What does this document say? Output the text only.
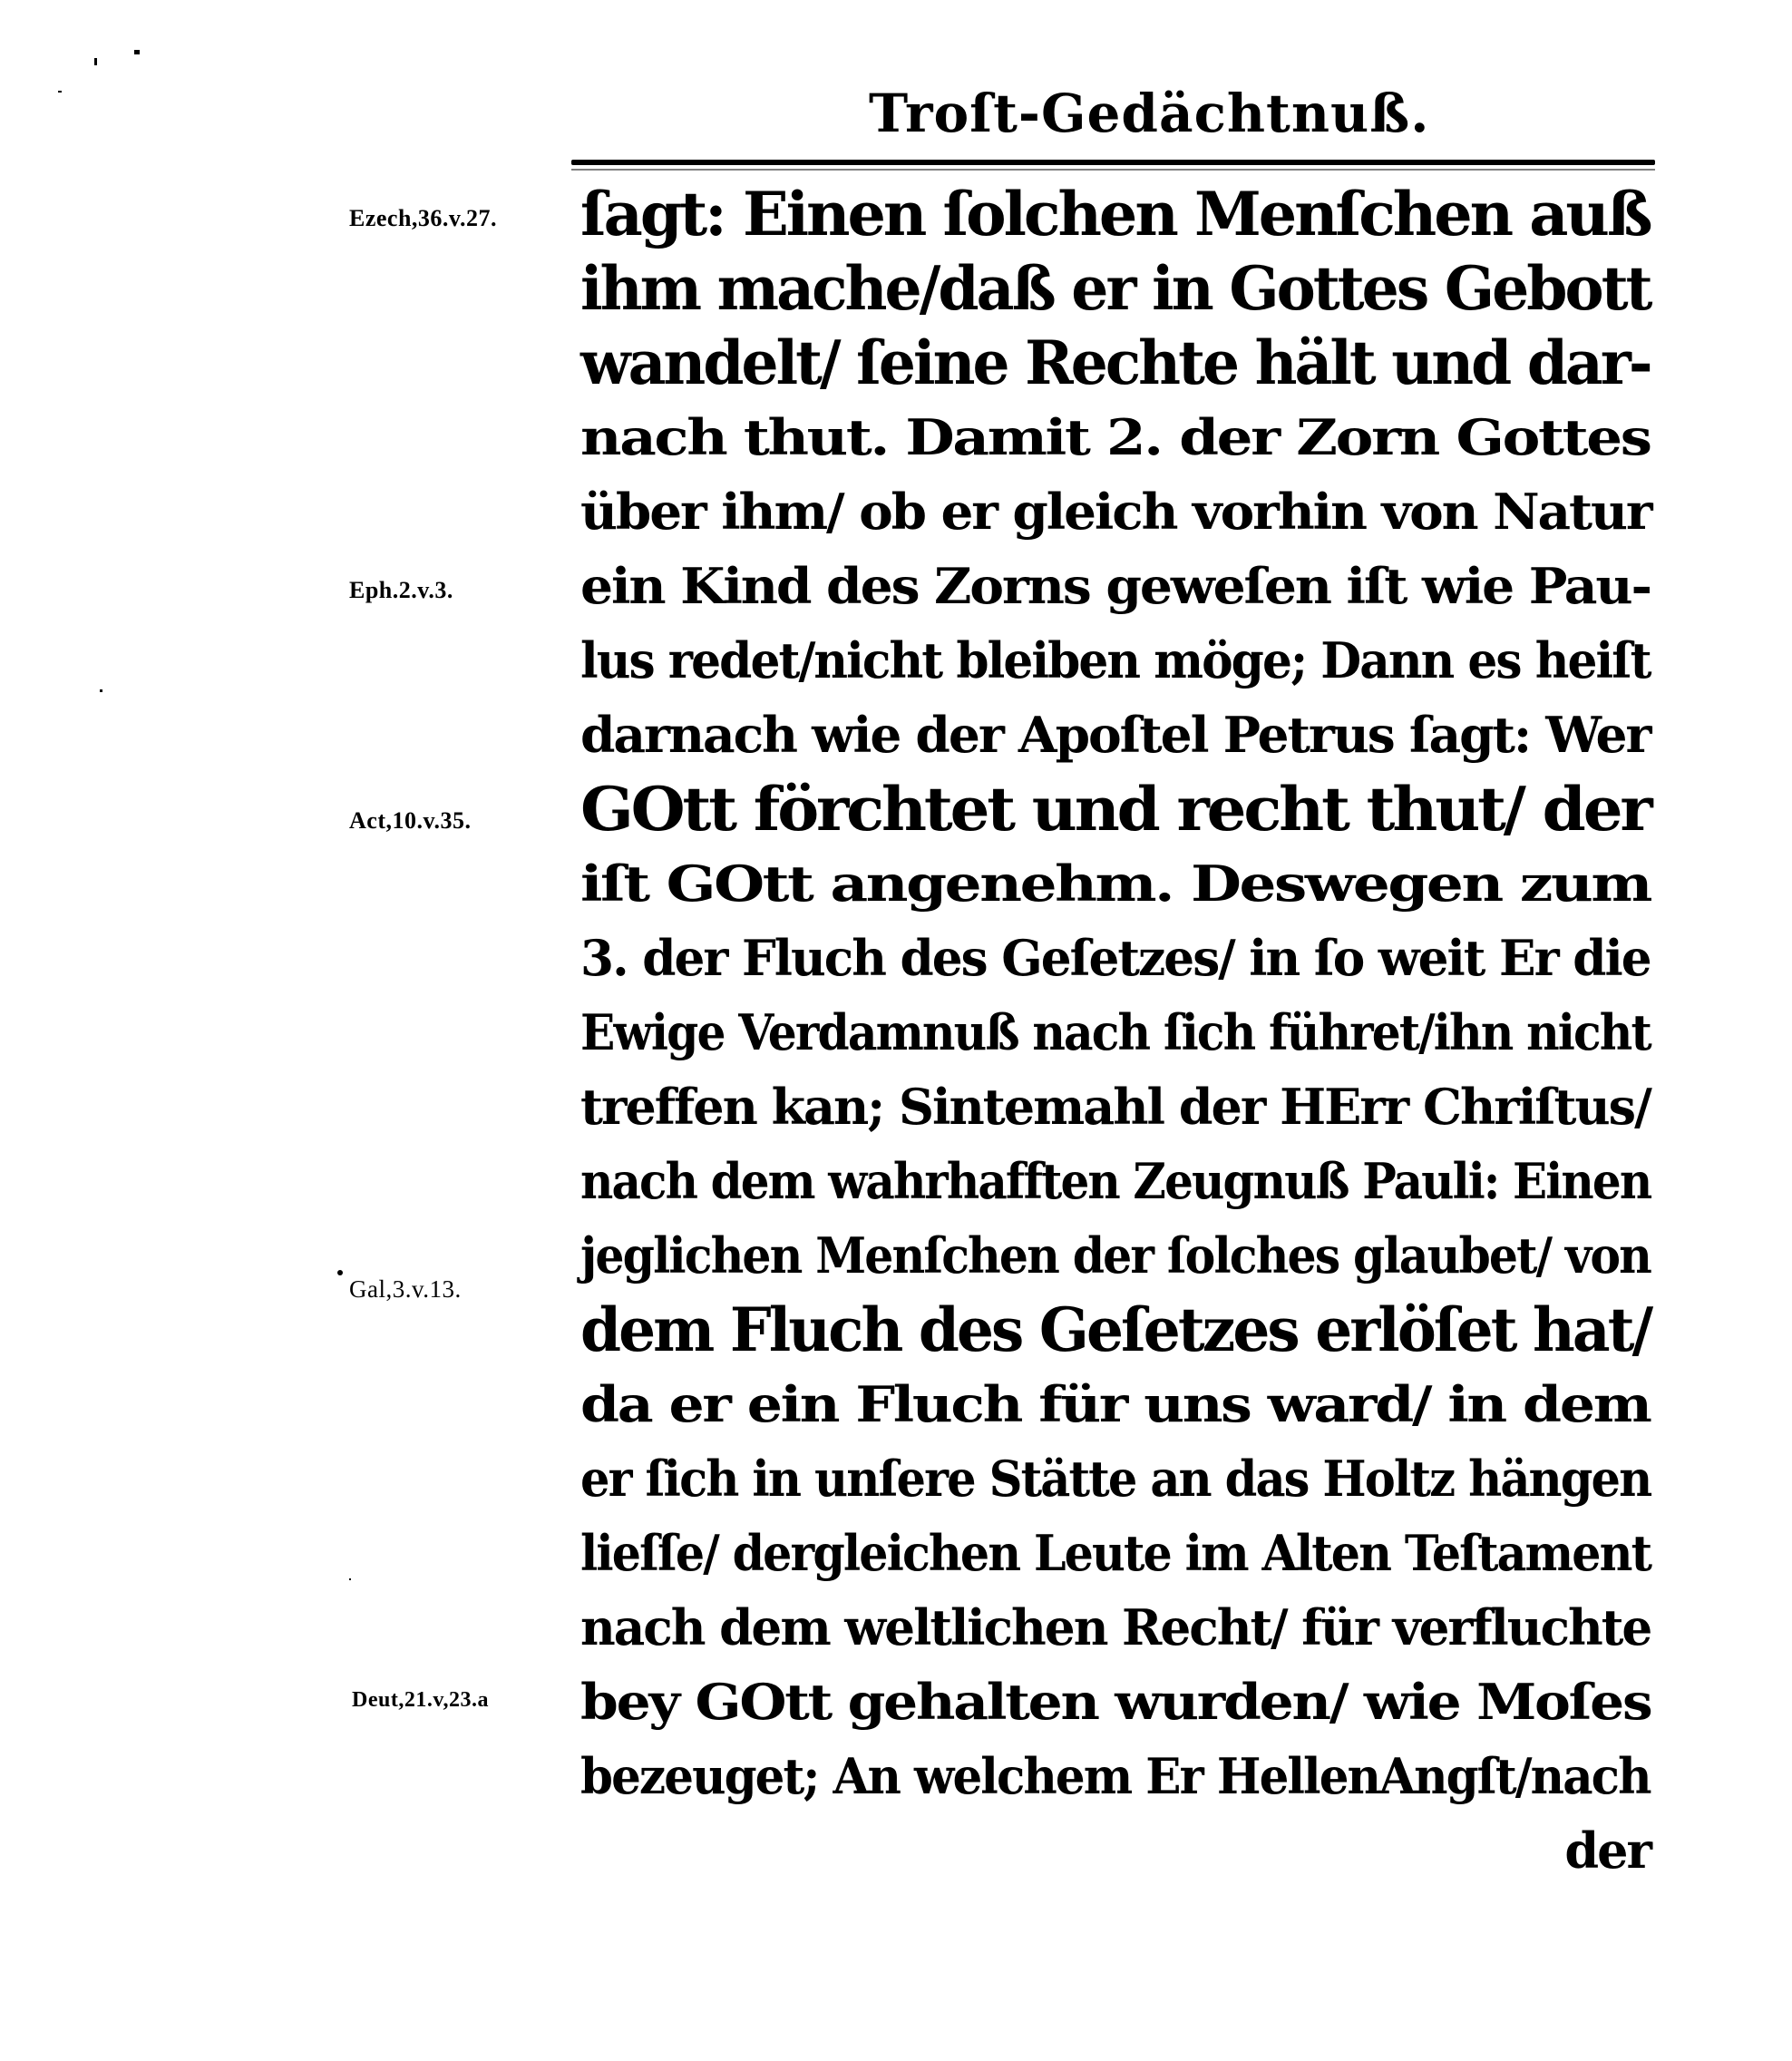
Troſt-Gedächtnuß.
Ezech,36.v.27.
Eph.2.v.3.
Act,10.v.35.
Gal,3.v.13.
Deut,21.v,23.a
ſagt: Einen ſolchen Menſchen auß
ihm mache/daß er in Gottes Gebott
wandelt/ ſeine Rechte hält und dar-
nach thut. Damit 2. der Zorn Gottes
über ihm/ ob er gleich vorhin von Natur
ein Kind des Zorns geweſen iſt wie Pau-
lus redet/nicht bleiben möge; Dann es heiſt
darnach wie der Apoſtel Petrus ſagt: Wer
GOtt förchtet und recht thut/ der
iſt GOtt angenehm. Deswegen zum
3. der Fluch des Geſetzes/ in ſo weit Er die
Ewige Verdamnuß nach ſich führet/ihn nicht
treffen kan; Sintemahl der HErr Chriſtus/
nach dem wahrhafften Zeugnuß Pauli: Einen
jeglichen Menſchen der ſolches glaubet/ von
dem Fluch des Geſetzes erlöſet hat/
da er ein Fluch für uns ward/ in dem
er ſich in unſere Stätte an das Holtz hängen
lieſſe/ dergleichen Leute im Alten Teſtament
nach dem weltlichen Recht/ für verfluchte
bey GOtt gehalten wurden/ wie Moſes
bezeuget; An welchem Er HellenAngſt/nach
der
